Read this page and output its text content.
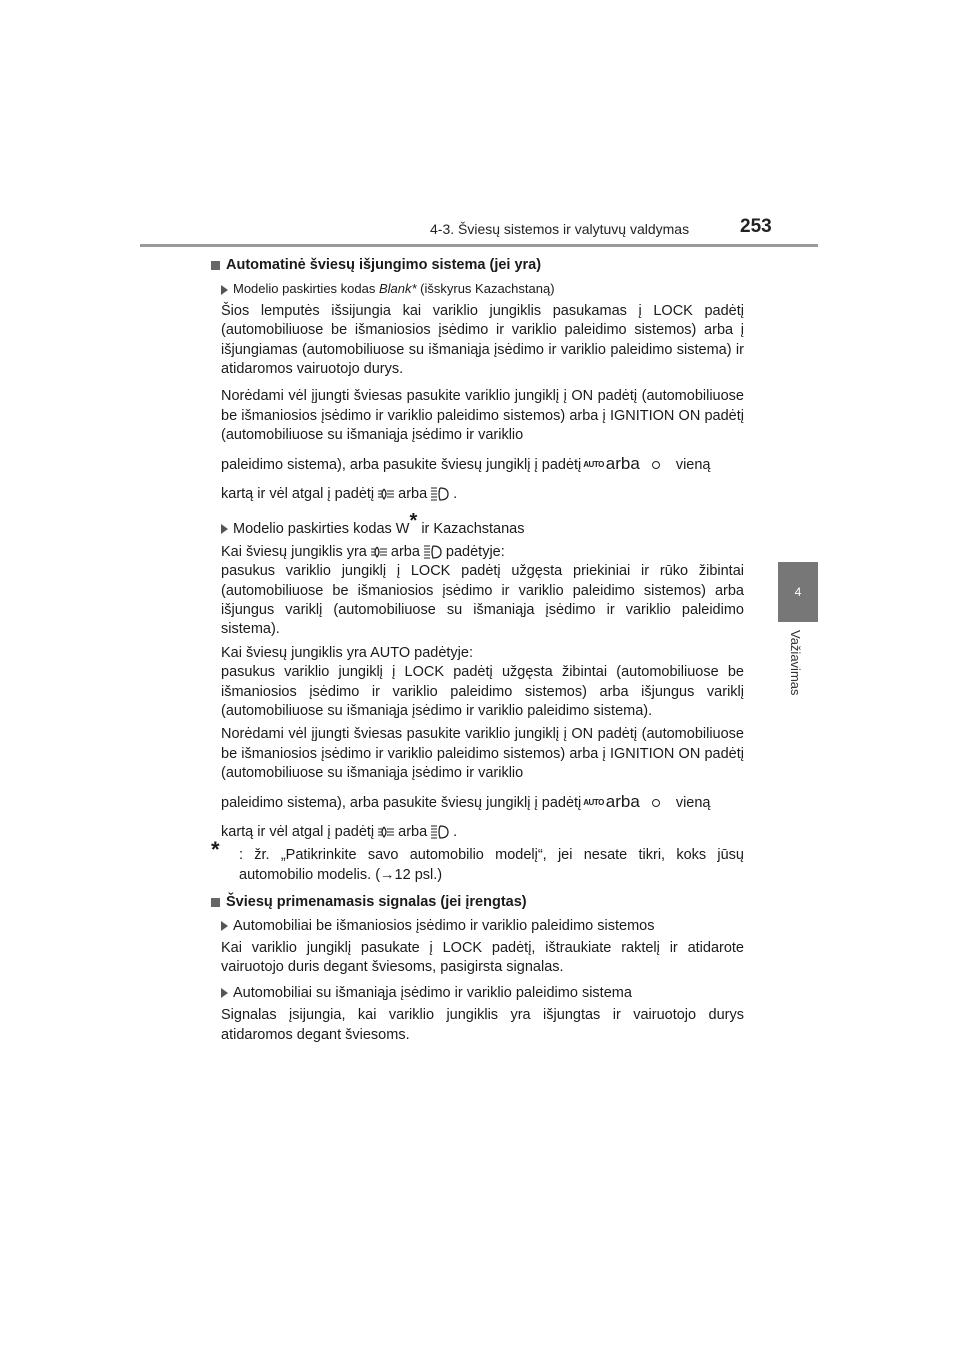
4-3. Šviesų sistemos ir valytuvų valdymas	253
4
Važiavimas
Automatinė šviesų išjungimo sistema (jei yra)
Modelio paskirties kodas Blank* (išskyrus Kazachstaną)

Šios lemputės išsijungia kai variklio jungiklis pasukamas į LOCK padėtį (automobiliuose be išmaniosios įsėdimo ir variklio paleidimo sistemos) arba į išjungiamas (automobiliuose su išmaniąja įsėdimo ir variklio paleidimo sistema) ir atidaromos vairuotojo durys.

Norėdami vėl įjungti šviesas pasukite variklio jungiklį į ON padėtį (automobiliuose be išmaniosios įsėdimo ir variklio paleidimo sistemos) arba į IGNITION ON padėtį (automobiliuose su išmaniąja įsėdimo ir variklio

paleidimo sistema), arba pasukite šviesų jungiklį į padėtį AUTO arba vieną

kartą ir vėl atgal į padėtį arba .

Modelio paskirties kodas W* ir Kazachstanas

Kai šviesų jungiklis yra arba padėtyje:

pasukus variklio jungiklį į LOCK padėtį užgęsta priekiniai ir rūko žibintai (automobiliuose be išmaniosios įsėdimo ir variklio paleidimo sistemos) arba išjungus variklį (automobiliuose su išmaniąja įsėdimo ir variklio paleidimo sistema).

Kai šviesų jungiklis yra AUTO padėtyje:

pasukus variklio jungiklį į LOCK padėtį užgęsta žibintai (automobiliuose be išmaniosios įsėdimo ir variklio paleidimo sistemos) arba išjungus variklį (automobiliuose su išmaniąja įsėdimo ir variklio paleidimo sistema).

Norėdami vėl įjungti šviesas pasukite variklio jungiklį į ON padėtį (automobiliuose be išmaniosios įsėdimo ir variklio paleidimo sistemos) arba į IGNITION ON padėtį (automobiliuose su išmaniąja įsėdimo ir variklio

paleidimo sistema), arba pasukite šviesų jungiklį į padėtį AUTO arba vieną

kartą ir vėl atgal į padėtį arba .

*	: žr. „Patikrinkite savo automobilio modelį“, jei nesate tikri, koks jūsų automobilio modelis. (→12 psl.)

Šviesų primenamasis signalas (jei įrengtas)
Automobiliai be išmaniosios įsėdimo ir variklio paleidimo sistemos

Kai variklio jungiklį pasukate į LOCK padėtį, ištraukiate raktelį ir atidarote vairuotojo duris degant šviesoms, pasigirsta signalas.

Automobiliai su išmaniąja įsėdimo ir variklio paleidimo sistema

Signalas įsijungia, kai variklio jungiklis yra išjungtas ir vairuotojo durys atidaromos degant šviesoms.
